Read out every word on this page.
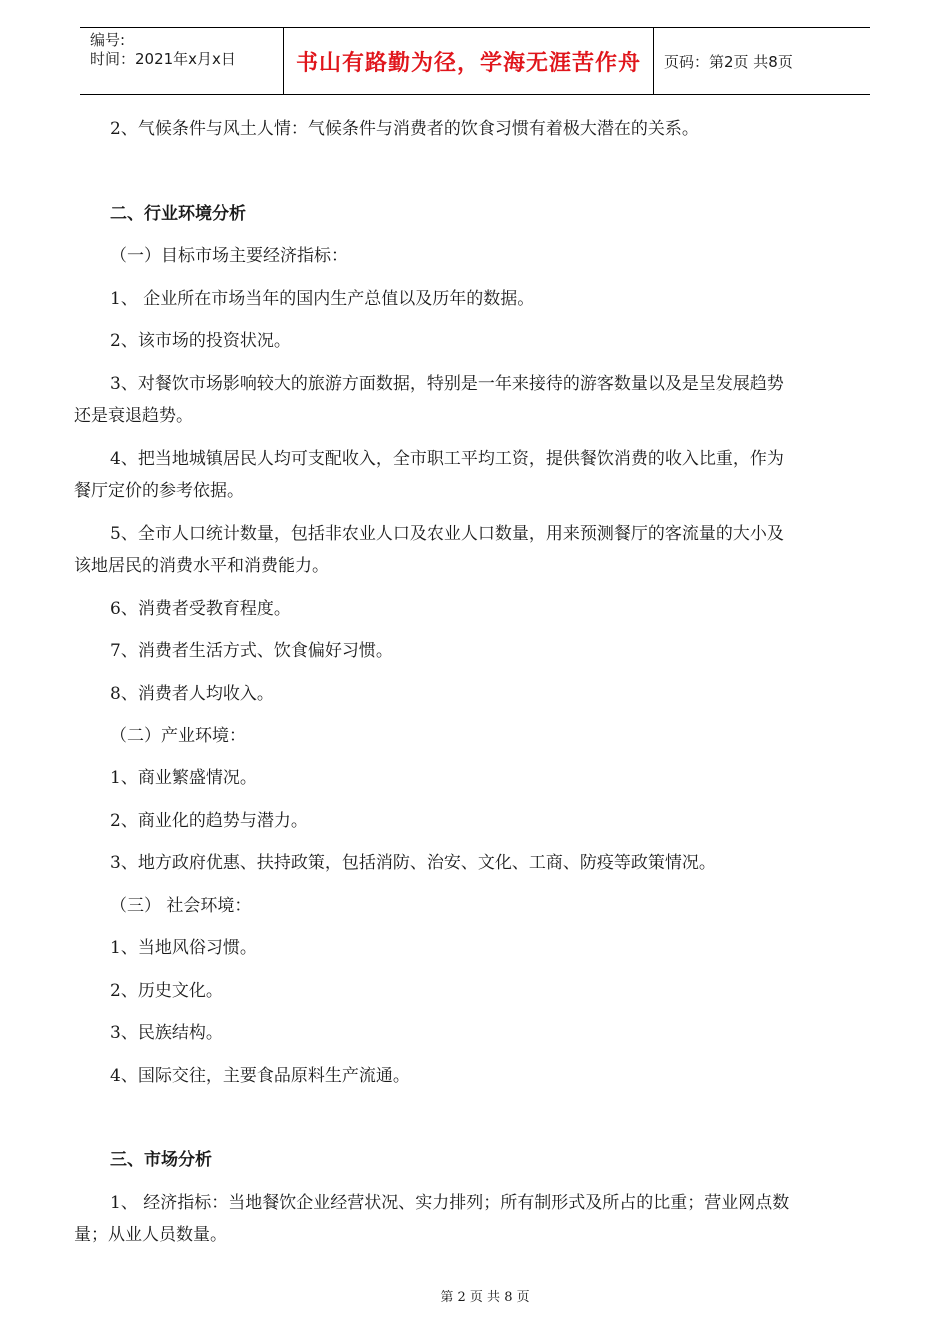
编号:
时间：2021年x月x日	书山有路勤为径，学海无涯苦作舟	页码：第2页 共8页
2、气候条件与风土人情：气候条件与消费者的饮食习惯有着极大潜在的关系。
二、行业环境分析
（一）目标市场主要经济指标：
1、 企业所在市场当年的国内生产总值以及历年的数据。
2、该市场的投资状况。
3、对餐饮市场影响较大的旅游方面数据，特别是一年来接待的游客数量以及是呈发展趋势
还是衰退趋势。
4、把当地城镇居民人均可支配收入，全市职工平均工资，提供餐饮消费的收入比重，作为
餐厅定价的参考依据。
5、全市人口统计数量，包括非农业人口及农业人口数量，用来预测餐厅的客流量的大小及
该地居民的消费水平和消费能力。
6、消费者受教育程度。
7、消费者生活方式、饮食偏好习惯。
8、消费者人均收入。
（二）产业环境：
1、商业繁盛情况。
2、商业化的趋势与潜力。
3、地方政府优惠、扶持政策，包括消防、治安、文化、工商、防疫等政策情况。
（三） 社会环境：
1、当地风俗习惯。
2、历史文化。
3、民族结构。
4、国际交往，主要食品原料生产流通。
三、市场分析
1、 经济指标：当地餐饮企业经营状况、实力排列；所有制形式及所占的比重；营业网点数
量；从业人员数量。
第 2 页 共 8 页
